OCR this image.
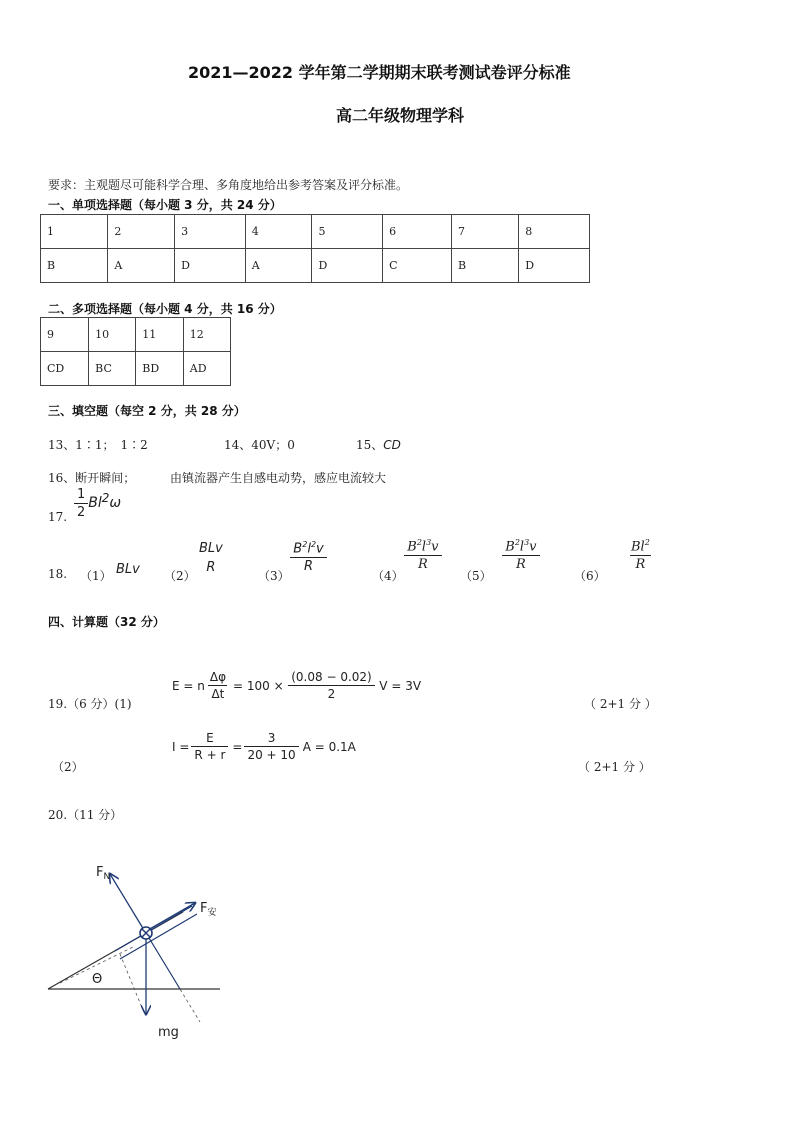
2021—2022 学年第二学期期末联考测试卷评分标准
高二年级物理学科
要求：主观题尽可能科学合理、多角度地给出参考答案及评分标准。
一、单项选择题（每小题 3 分，共 24 分）
1	2	3	4	5	6	7	8
B	A	D	A	D	C	B	D
二、多项选择题（每小题 4 分，共 16 分）
9	10	11	12
CD	BC	BD	AD
三、填空题（每空 2 分，共 28 分）
13、1∶1；　1∶2	14、40V；0	15、CD
16、断开瞬间；	由镇流器产生自感电动势，感应电流较大
17. $\frac{1}{2} Bl^2\omega$
18. （1） BLv （2）
BLv
R
（3）
$\frac{B^2l^2v}{R}$
（4）
$\frac{B^2l^3v}{R}$
（5）
$\frac{B^2l^3v}{R}$
（6）
$\frac{Bl^2}{R}$
四、计算题（32 分）
19.（6 分）(1)
E = n $\frac{\Delta\varphi}{\Delta t} = 100 \times \frac{(0.08 - 0.02)}{2}$ V = 3V
（ 2+1 分 ）
（2）
$I = \frac{E}{R + r} = \frac{3}{20 + 10}$ A = 0.1A
（ 2+1 分 ）
20.（11 分）
$F_N$
$F_安$
Θ
mg
